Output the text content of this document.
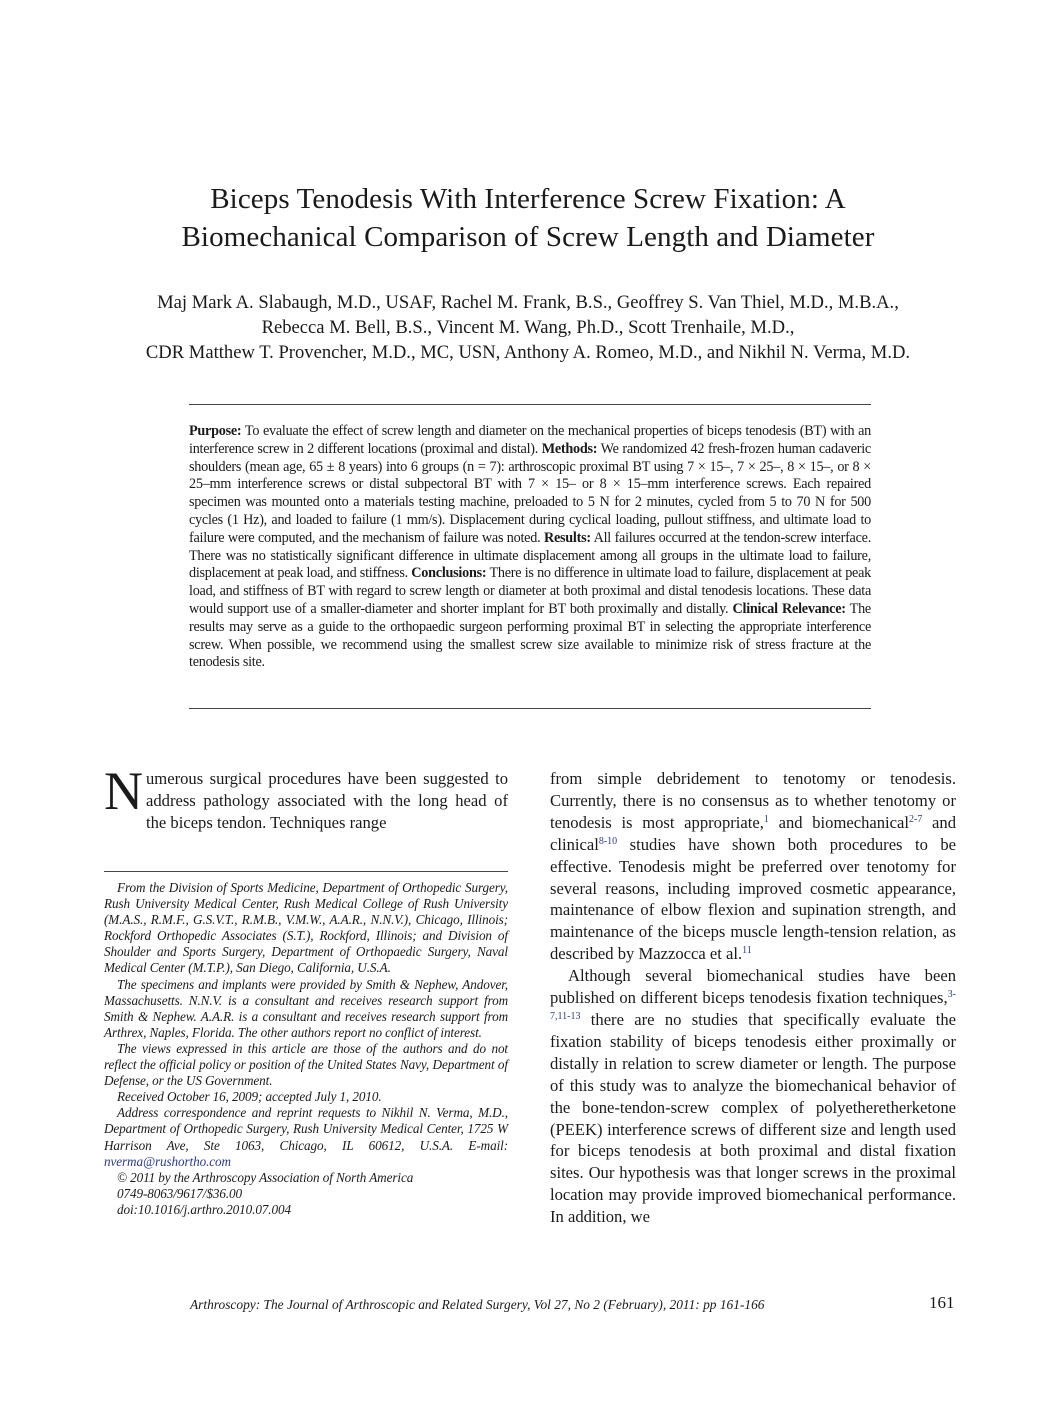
Biceps Tenodesis With Interference Screw Fixation: A
Biomechanical Comparison of Screw Length and Diameter
Maj Mark A. Slabaugh, M.D., USAF, Rachel M. Frank, B.S., Geoffrey S. Van Thiel, M.D., M.B.A.,
Rebecca M. Bell, B.S., Vincent M. Wang, Ph.D., Scott Trenhaile, M.D.,
CDR Matthew T. Provencher, M.D., MC, USN, Anthony A. Romeo, M.D., and Nikhil N. Verma, M.D.
Purpose: To evaluate the effect of screw length and diameter on the mechanical properties of biceps tenodesis (BT) with an interference screw in 2 different locations (proximal and distal). Methods: We randomized 42 fresh-frozen human cadaveric shoulders (mean age, 65 ± 8 years) into 6 groups (n = 7): arthroscopic proximal BT using 7 × 15–, 7 × 25–, 8 × 15–, or 8 × 25–mm interference screws or distal subpectoral BT with 7 × 15– or 8 × 15–mm interference screws. Each repaired specimen was mounted onto a materials testing machine, preloaded to 5 N for 2 minutes, cycled from 5 to 70 N for 500 cycles (1 Hz), and loaded to failure (1 mm/s). Displacement during cyclical loading, pullout stiffness, and ultimate load to failure were computed, and the mechanism of failure was noted. Results: All failures occurred at the tendon-screw interface. There was no statistically significant difference in ultimate displacement among all groups in the ultimate load to failure, displacement at peak load, and stiffness. Conclusions: There is no difference in ultimate load to failure, displacement at peak load, and stiffness of BT with regard to screw length or diameter at both proximal and distal tenodesis locations. These data would support use of a smaller-diameter and shorter implant for BT both proximally and distally. Clinical Relevance: The results may serve as a guide to the orthopaedic surgeon performing proximal BT in selecting the appropriate interference screw. When possible, we recommend using the smallest screw size available to minimize risk of stress fracture at the tenodesis site.

Numerous surgical procedures have been suggested to address pathology associated with the long head of the biceps tendon. Techniques range

From the Division of Sports Medicine, Department of Orthopedic Surgery, Rush University Medical Center, Rush Medical College of Rush University (M.A.S., R.M.F., G.S.V.T., R.M.B., V.M.W., A.A.R., N.N.V.), Chicago, Illinois; Rockford Orthopedic Associates (S.T.), Rockford, Illinois; and Division of Shoulder and Sports Surgery, Department of Orthopaedic Surgery, Naval Medical Center (M.T.P.), San Diego, California, U.S.A.

The specimens and implants were provided by Smith & Nephew, Andover, Massachusetts. N.N.V. is a consultant and receives research support from Smith & Nephew. A.A.R. is a consultant and receives research support from Arthrex, Naples, Florida. The other authors report no conflict of interest.

The views expressed in this article are those of the authors and do not reflect the official policy or position of the United States Navy, Department of Defense, or the US Government.

Received October 16, 2009; accepted July 1, 2010.

Address correspondence and reprint requests to Nikhil N. Verma, M.D., Department of Orthopedic Surgery, Rush University Medical Center, 1725 W Harrison Ave, Ste 1063, Chicago, IL 60612, U.S.A. E-mail: nverma@rushortho.com

© 2011 by the Arthroscopy Association of North America

0749-8063/9617/$36.00

doi:10.1016/j.arthro.2010.07.004

from simple debridement to tenotomy or tenodesis. Currently, there is no consensus as to whether tenotomy or tenodesis is most appropriate,$^1$ and biomechanical$^{2-7}$ and clinical$^{8-10}$ studies have shown both procedures to be effective. Tenodesis might be preferred over tenotomy for several reasons, including improved cosmetic appearance, maintenance of elbow flexion and supination strength, and maintenance of the biceps muscle length-tension relation, as described by Mazzocca et al.$^{11}$

Although several biomechanical studies have been published on different biceps tenodesis fixation techniques,$^{3-7,11-13}$ there are no studies that specifically evaluate the fixation stability of biceps tenodesis either proximally or distally in relation to screw diameter or length. The purpose of this study was to analyze the biomechanical behavior of the bone-tendon-screw complex of polyetheretherketone (PEEK) interference screws of different size and length used for biceps tenodesis at both proximal and distal fixation sites. Our hypothesis was that longer screws in the proximal location may provide improved biomechanical performance. In addition, we

Arthroscopy: The Journal of Arthroscopic and Related Surgery, Vol 27, No 2 (February), 2011: pp 161-166	161
